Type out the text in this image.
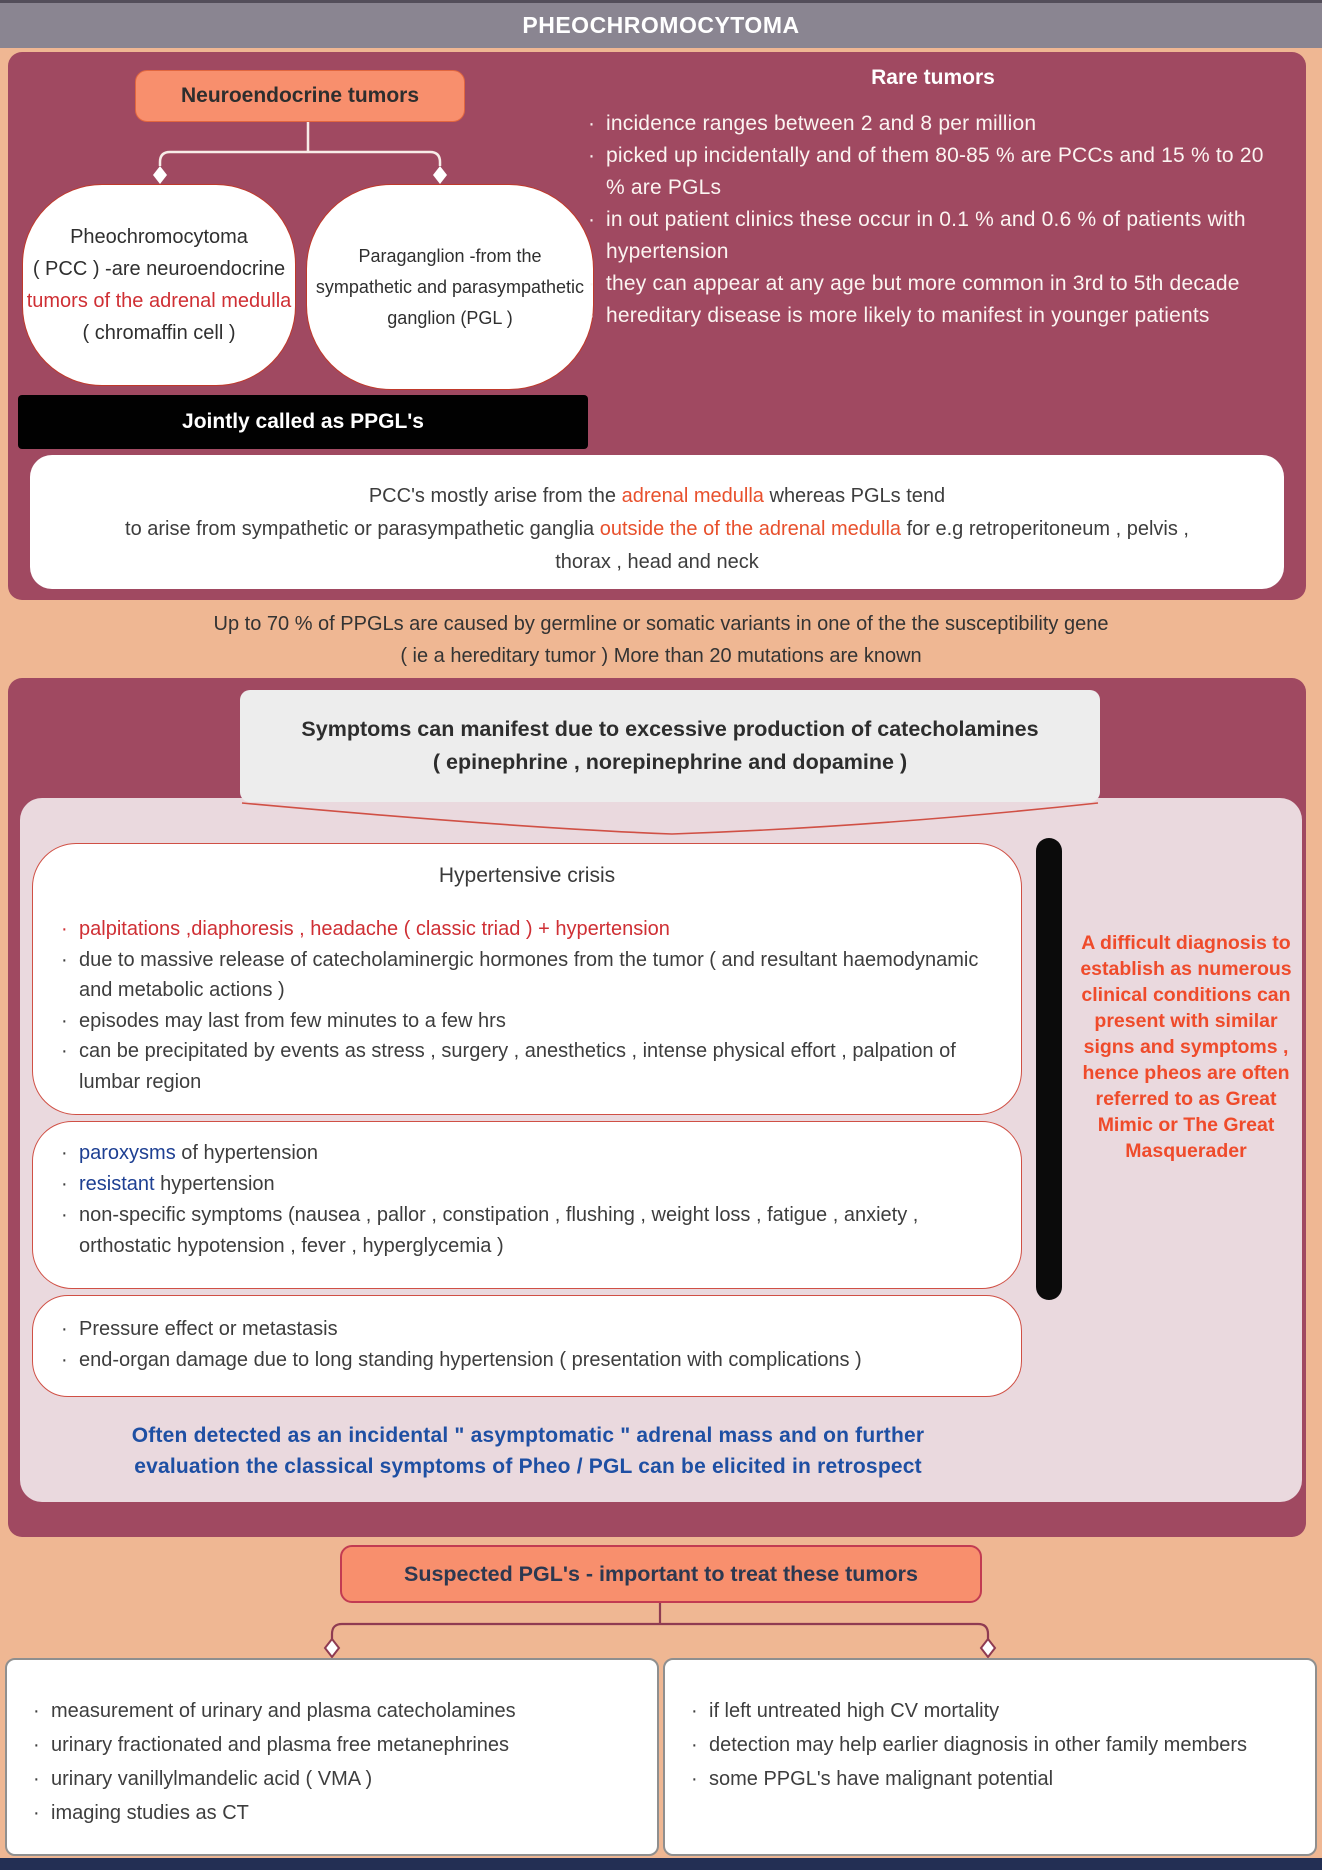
PHEOCHROMOCYTOMA
Neuroendocrine tumors
Pheochromocytoma
( PCC ) -are neuroendocrine
tumors of the adrenal medulla
( chromaffin cell )
Paraganglion -from the
sympathetic and parasympathetic
ganglion (PGL )
Rare tumors
· incidence ranges between 2 and 8 per million
· picked up incidentally and of them 80-85 % are PCCs and 15 % to 20 % are PGLs
· in out patient clinics these occur in 0.1 % and 0.6 % of patients with hypertension
· they can appear at any age but more common in 3rd to 5th decade
· hereditary disease is more likely to manifest in younger patients
Jointly called as PPGL's
PCC's mostly arise from the adrenal medulla whereas PGLs tend
to arise from sympathetic or parasympathetic ganglia outside the of the adrenal medulla for e.g retroperitoneum , pelvis ,
thorax , head and neck
Up to 70 % of PPGLs are caused by germline or somatic variants in one of the the susceptibility gene
( ie a hereditary tumor ) More than 20 mutations are known
Symptoms can manifest due to excessive production of catecholamines
( epinephrine , norepinephrine and dopamine )
Hypertensive crisis
· palpitations ,diaphoresis , headache ( classic triad ) + hypertension
· due to massive release of catecholaminergic hormones from the tumor ( and resultant haemodynamic and metabolic actions )
· episodes may last from few minutes to a few hrs
· can be precipitated by events as stress , surgery , anesthetics , intense physical effort , palpation of lumbar region
· paroxysms of hypertension
· resistant hypertension
· non-specific symptoms (nausea , pallor , constipation , flushing , weight loss , fatigue , anxiety , orthostatic hypotension , fever , hyperglycemia )
· Pressure effect or metastasis
· end-organ damage due to long standing hypertension ( presentation with complications )
A difficult diagnosis to establish as numerous clinical conditions can present with similar signs and symptoms , hence pheos are often referred to as Great Mimic or The Great Masquerader
Often detected as an incidental " asymptomatic " adrenal mass and on further
evaluation the classical symptoms of Pheo / PGL can be elicited in retrospect
Suspected PGL's - important to treat these tumors
· measurement of urinary and plasma catecholamines
· urinary fractionated and plasma free metanephrines
· urinary vanillylmandelic acid ( VMA )
· imaging studies as CT
· if left untreated high CV mortality
· detection may help earlier diagnosis in other family members
· some PPGL's have malignant potential
